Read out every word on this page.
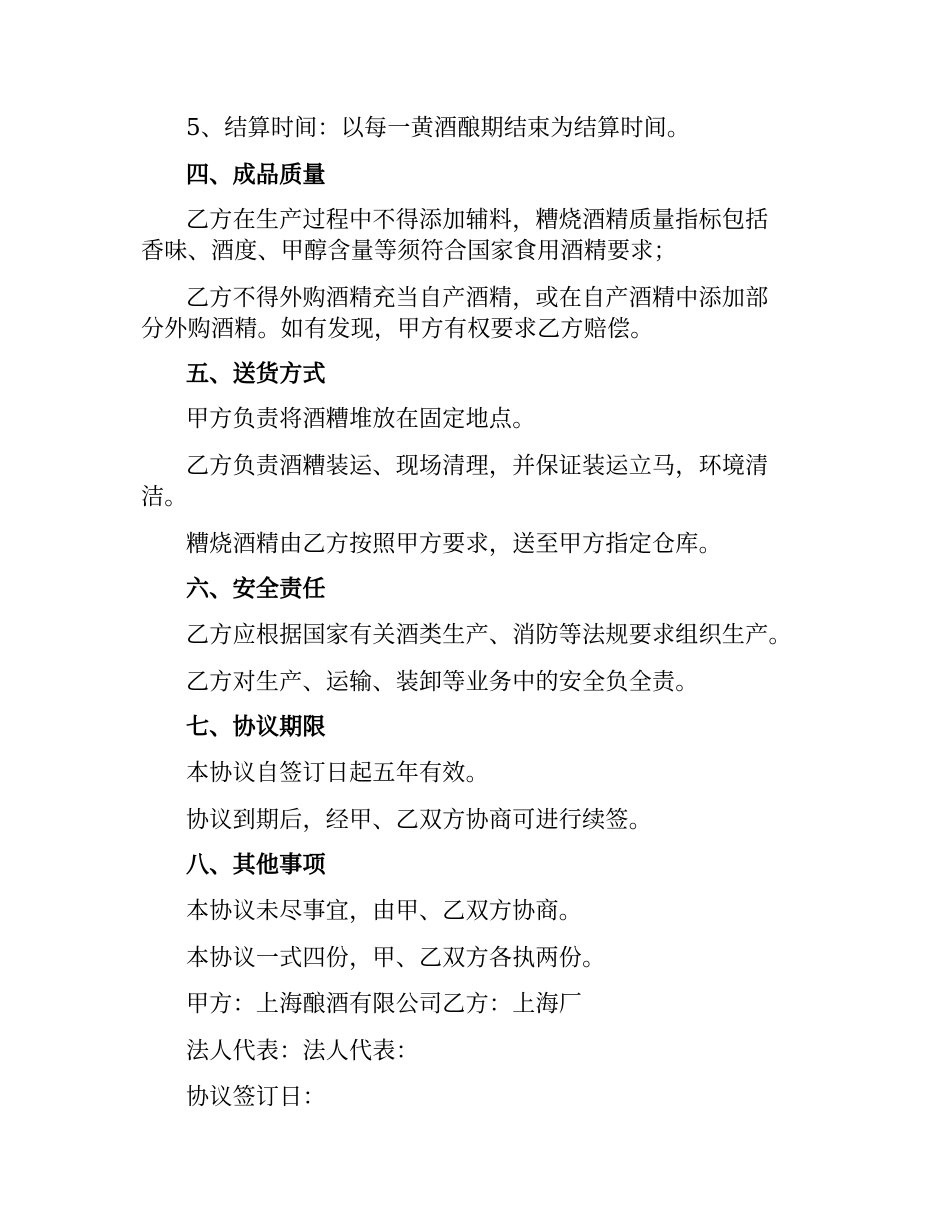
5、结算时间：以每一黄酒酿期结束为结算时间。
四、成品质量
乙方在生产过程中不得添加辅料，糟烧酒精质量指标包括
香味、酒度、甲醇含量等须符合国家食用酒精要求；
乙方不得外购酒精充当自产酒精，或在自产酒精中添加部
分外购酒精。如有发现，甲方有权要求乙方赔偿。
五、送货方式
甲方负责将酒糟堆放在固定地点。
乙方负责酒糟装运、现场清理，并保证装运立马，环境清
洁。
糟烧酒精由乙方按照甲方要求，送至甲方指定仓库。
六、安全责任
乙方应根据国家有关酒类生产、消防等法规要求组织生产。
乙方对生产、运输、装卸等业务中的安全负全责。
七、协议期限
本协议自签订日起五年有效。
协议到期后，经甲、乙双方协商可进行续签。
八、其他事项
本协议未尽事宜，由甲、乙双方协商。
本协议一式四份，甲、乙双方各执两份。
甲方：上海酿酒有限公司乙方：上海厂
法人代表：法人代表：
协议签订日：
